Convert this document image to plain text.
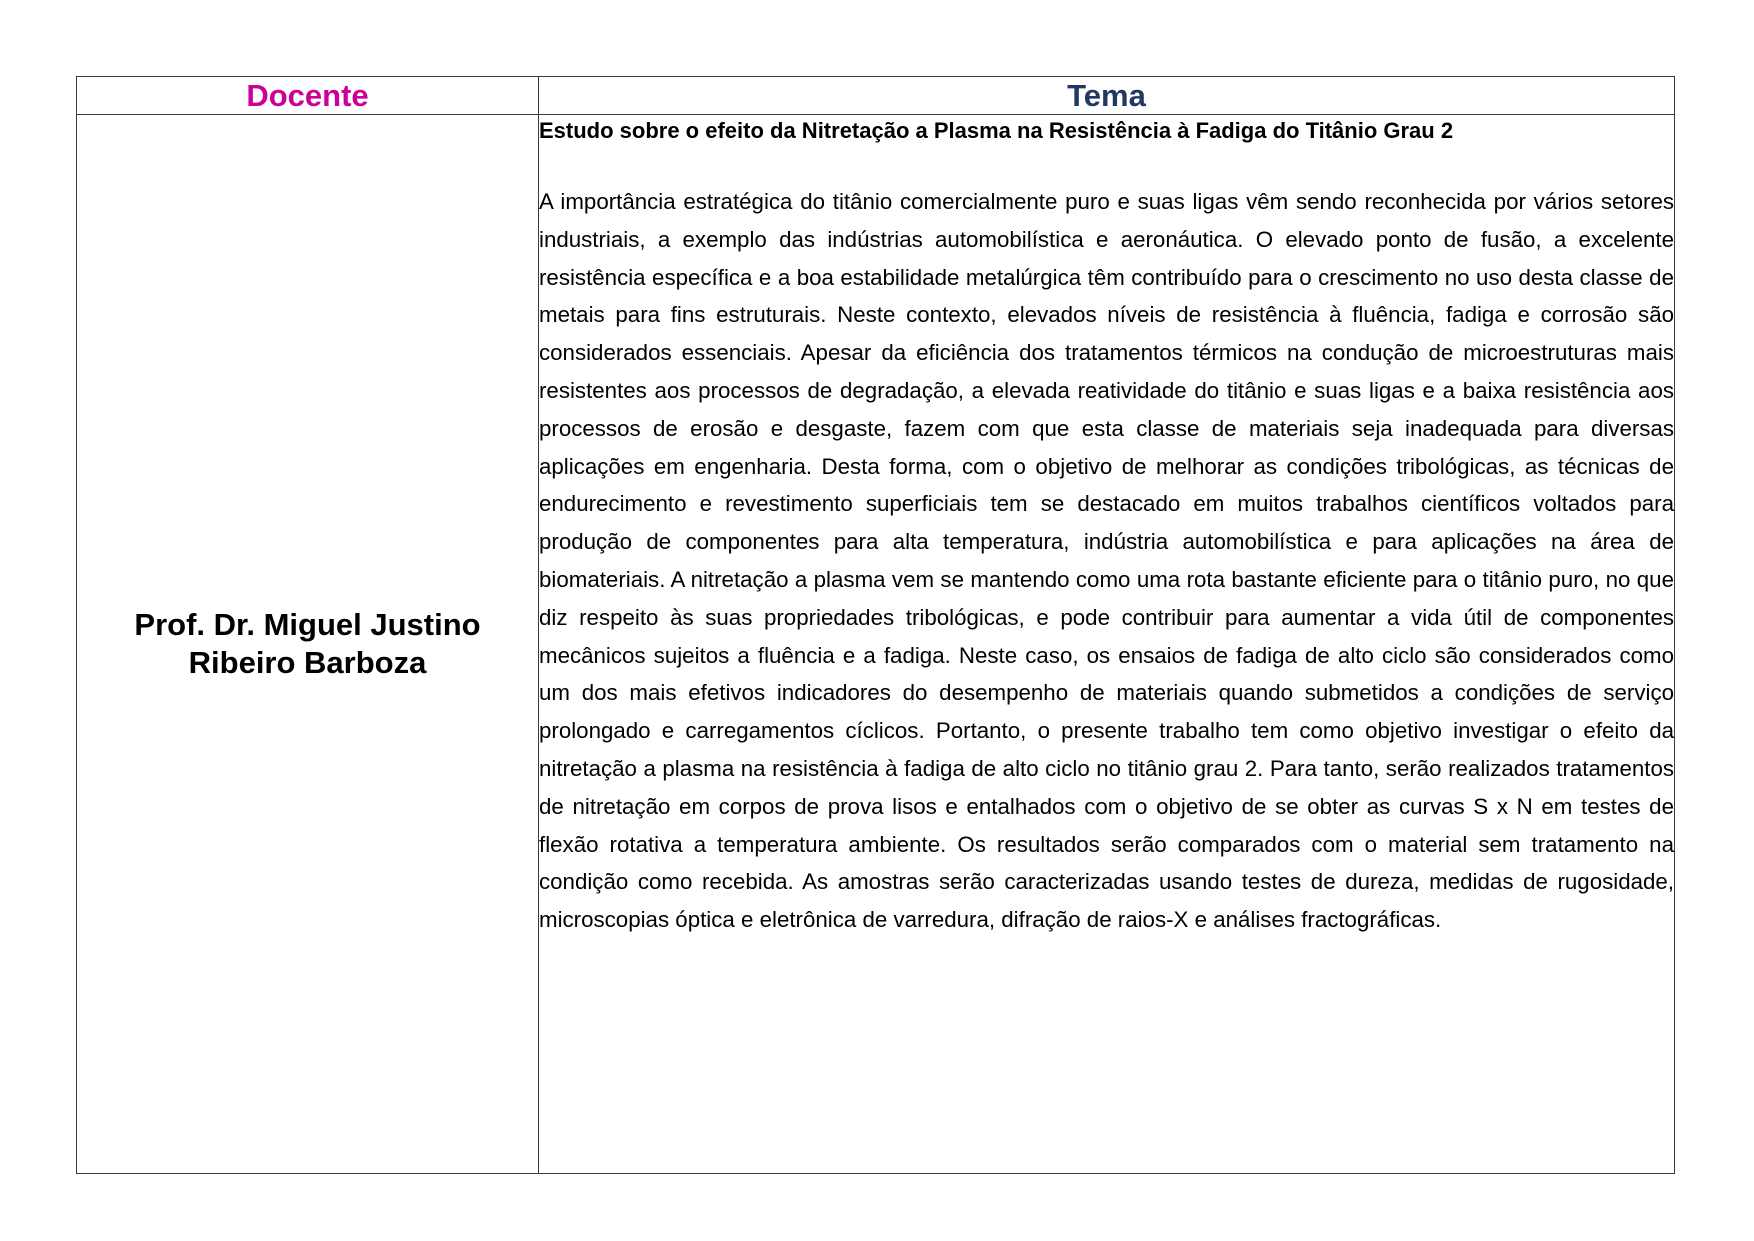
Docente	Tema
Prof. Dr. Miguel Justino Ribeiro Barboza	Estudo sobre o efeito da Nitretação a Plasma na Resistência à Fadiga do Titânio Grau 2

A importância estratégica do titânio comercialmente puro e suas ligas vêm sendo reconhecida por vários setores industriais, a exemplo das indústrias automobilística e aeronáutica. O elevado ponto de fusão, a excelente resistência específica e a boa estabilidade metalúrgica têm contribuído para o crescimento no uso desta classe de metais para fins estruturais. Neste contexto, elevados níveis de resistência à fluência, fadiga e corrosão são considerados essenciais. Apesar da eficiência dos tratamentos térmicos na condução de microestruturas mais resistentes aos processos de degradação, a elevada reatividade do titânio e suas ligas e a baixa resistência aos processos de erosão e desgaste, fazem com que esta classe de materiais seja inadequada para diversas aplicações em engenharia. Desta forma, com o objetivo de melhorar as condições tribológicas, as técnicas de endurecimento e revestimento superficiais tem se destacado em muitos trabalhos científicos voltados para produção de componentes para alta temperatura, indústria automobilística e para aplicações na área de biomateriais. A nitretação a plasma vem se mantendo como uma rota bastante eficiente para o titânio puro, no que diz respeito às suas propriedades tribológicas, e pode contribuir para aumentar a vida útil de componentes mecânicos sujeitos a fluência e a fadiga. Neste caso, os ensaios de fadiga de alto ciclo são considerados como um dos mais efetivos indicadores do desempenho de materiais quando submetidos a condições de serviço prolongado e carregamentos cíclicos. Portanto, o presente trabalho tem como objetivo investigar o efeito da nitretação a plasma na resistência à fadiga de alto ciclo no titânio grau 2. Para tanto, serão realizados tratamentos de nitretação em corpos de prova lisos e entalhados com o objetivo de se obter as curvas S x N em testes de flexão rotativa a temperatura ambiente. Os resultados serão comparados com o material sem tratamento na condição como recebida. As amostras serão caracterizadas usando testes de dureza, medidas de rugosidade, microscopias óptica e eletrônica de varredura, difração de raios-X e análises fractográficas.
